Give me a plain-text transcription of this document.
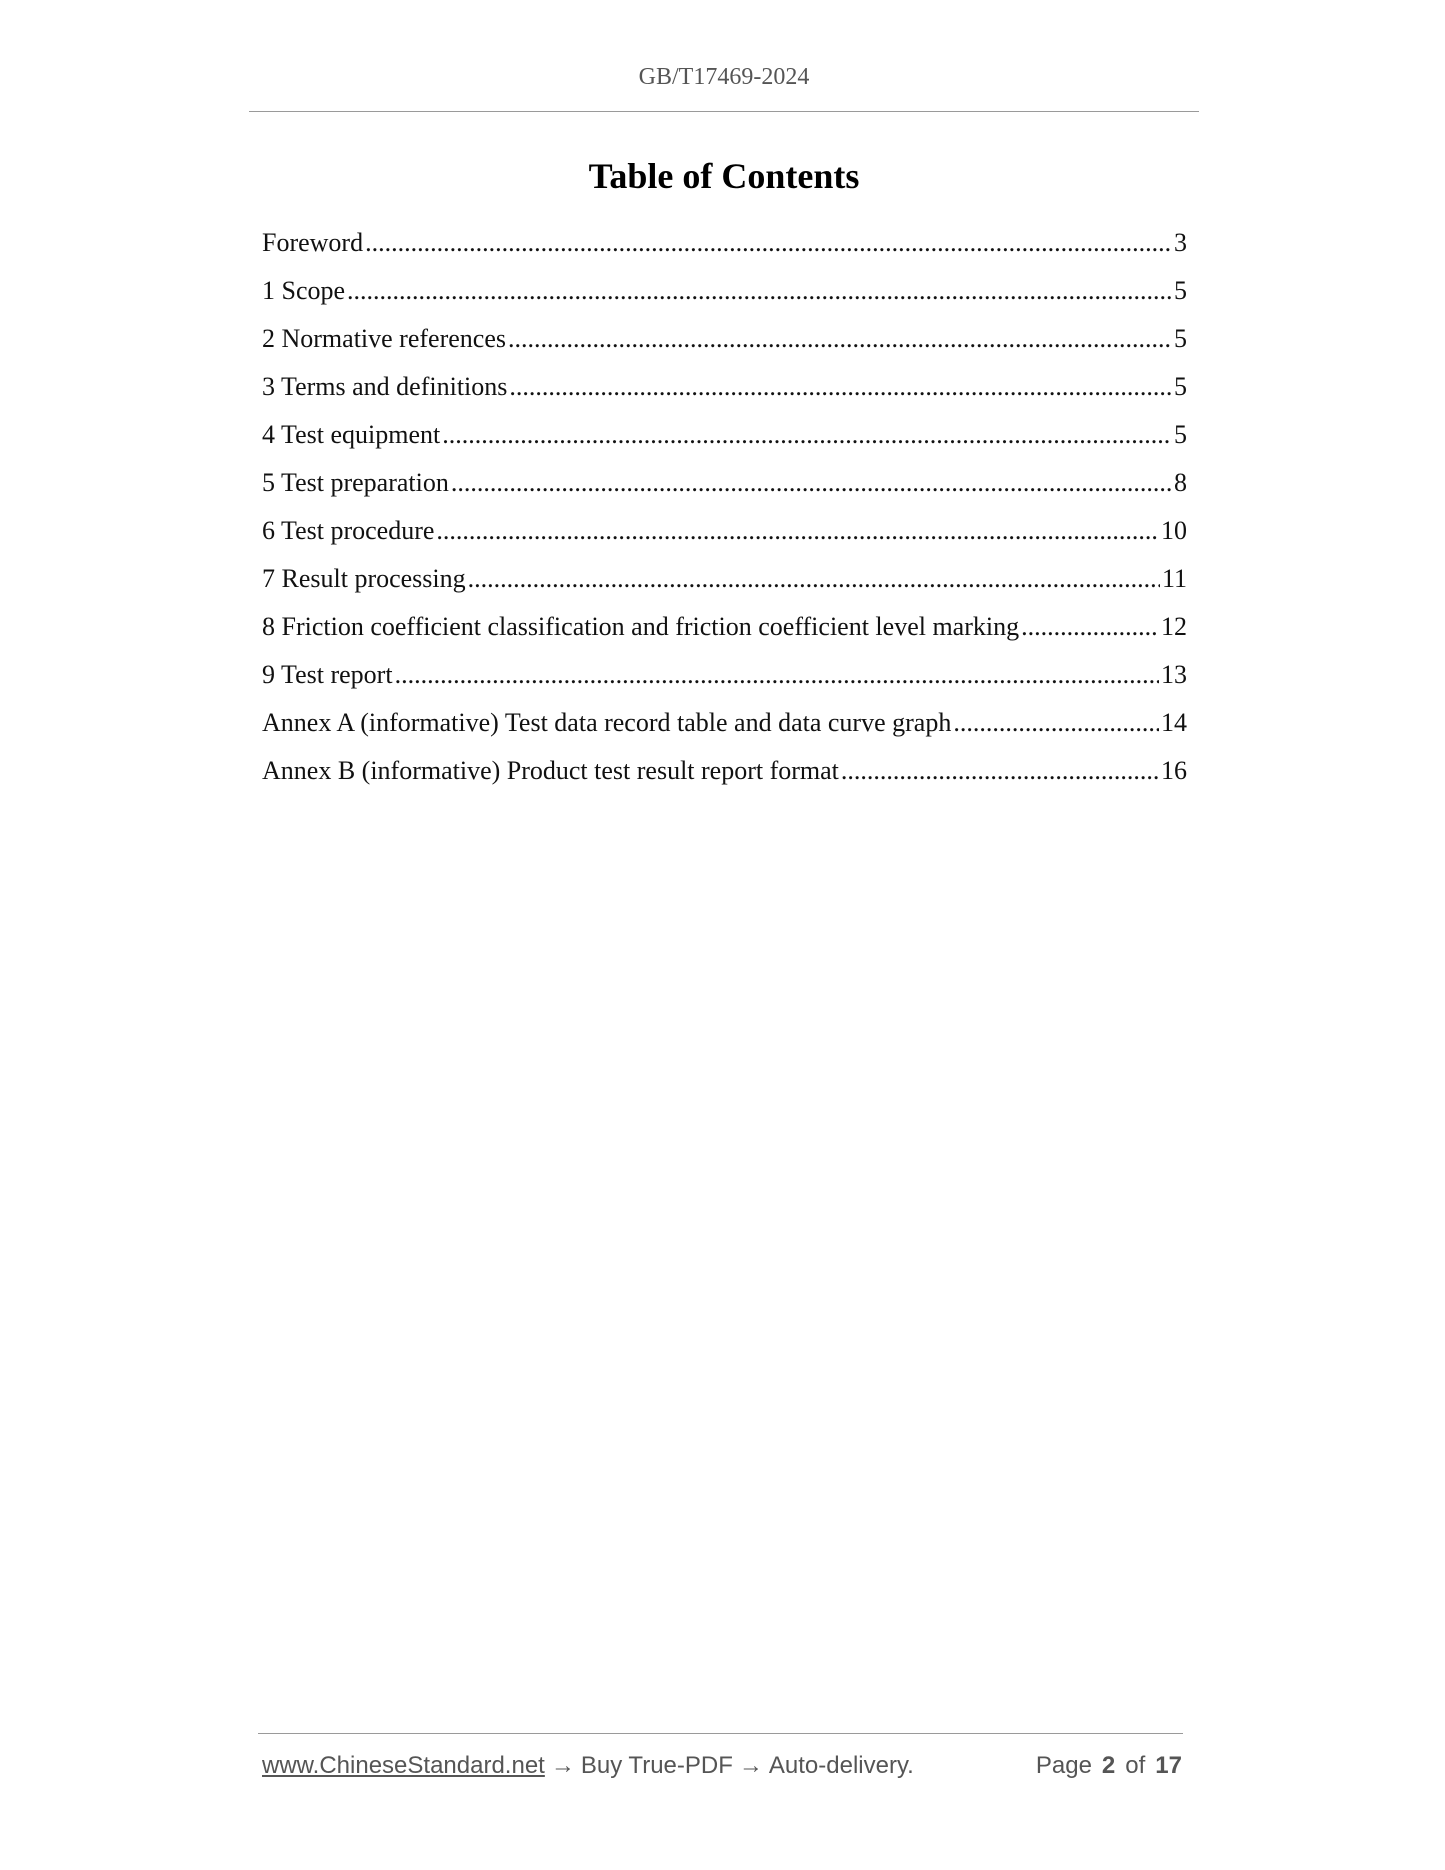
GB/T17469-2024
Table of Contents
Foreword .....	3
1 Scope .....	5
2 Normative references .....	5
3 Terms and definitions .....	5
4 Test equipment .....	5
5 Test preparation .....	8
6 Test procedure .....	10
7 Result processing .....	11
8 Friction coefficient classification and friction coefficient level marking .....	12
9 Test report .....	13
Annex A (informative) Test data record table and data curve graph .....	14
Annex B (informative) Product test result report format .....	16
www.ChineseStandard.net → Buy True-PDF → Auto-delivery.	Page 2 of 17
